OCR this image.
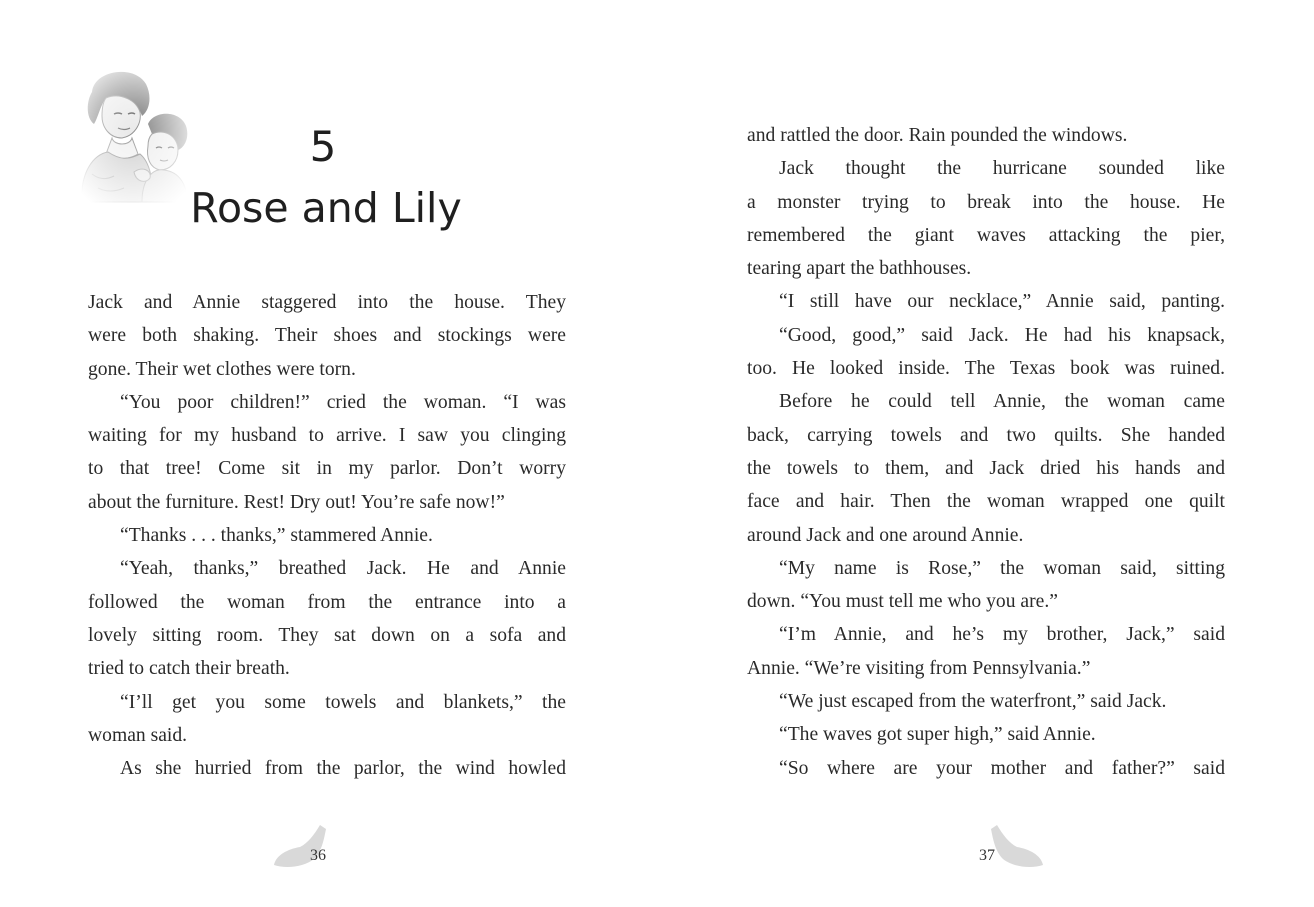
5
Rose and Lily
Jack and Annie staggered into the house. They
were both shaking. Their shoes and stockings were
gone. Their wet clothes were torn.
“You poor children!” cried the woman. “I was
waiting for my husband to arrive. I saw you clinging
to that tree! Come sit in my parlor. Don’t worry
about the furniture. Rest! Dry out! You’re safe now!”
“Thanks . . . thanks,” stammered Annie.
“Yeah, thanks,” breathed Jack. He and Annie
followed the woman from the entrance into a
lovely sitting room. They sat down on a sofa and
tried to catch their breath.
“I’ll get you some towels and blankets,” the
woman said.
As she hurried from the parlor, the wind howled
36
and rattled the door. Rain pounded the windows.
Jack thought the hurricane sounded like
a monster trying to break into the house. He
remembered the giant waves attacking the pier,
tearing apart the bathhouses.
“I still have our necklace,” Annie said, panting.
“Good, good,” said Jack. He had his knapsack,
too. He looked inside. The Texas book was ruined.
Before he could tell Annie, the woman came
back, carrying towels and two quilts. She handed
the towels to them, and Jack dried his hands and
face and hair. Then the woman wrapped one quilt
around Jack and one around Annie.
“My name is Rose,” the woman said, sitting
down. “You must tell me who you are.”
“I’m Annie, and he’s my brother, Jack,” said
Annie. “We’re visiting from Pennsylvania.”
“We just escaped from the waterfront,” said Jack.
“The waves got super high,” said Annie.
“So where are your mother and father?” said
37
